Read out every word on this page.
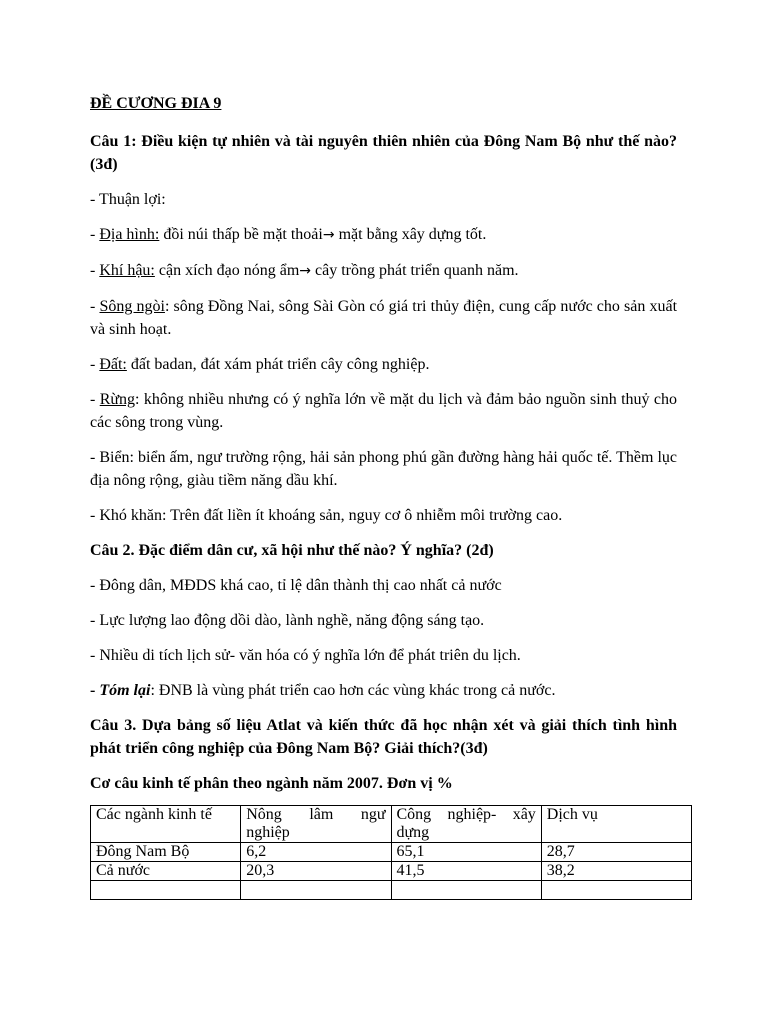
ĐỀ CƯƠNG ĐIA 9

Câu 1: Điều kiện tự nhiên và tài nguyên thiên nhiên của Đông Nam Bộ như thế nào? (3đ)

- Thuận lợi:

- Địa hình: đồi núi thấp bề mặt thoải→ mặt bằng xây dựng tốt.

- Khí hậu: cận xích đạo nóng ẩm→ cây trồng phát triển quanh năm.

- Sông ngòi: sông Đồng Nai, sông Sài Gòn có giá tri thủy điện, cung cấp nước cho sản xuất và sinh hoạt.

- Đất: đất badan, đát xám phát triển cây công nghiệp.

- Rừng: không nhiều nhưng có ý nghĩa lớn về mặt du lịch và đảm bảo nguồn sinh thuỷ cho các sông trong vùng.

- Biển: biển ấm, ngư trường rộng, hải sản phong phú gần đường hàng hải quốc tế. Thềm lục địa nông rộng, giàu tiềm năng dầu khí.

- Khó khăn: Trên đất liền ít khoáng sản, nguy cơ ô nhiễm môi trường cao.

Câu 2. Đặc điểm dân cư, xã hội như thế nào? Ý nghĩa? (2đ)

- Đông dân, MĐDS khá cao, tỉ lệ dân thành thị cao nhất cả nước

- Lực lượng lao động dồi dào, lành nghề, năng động sáng tạo.

- Nhiều di tích lịch sử- văn hóa có ý nghĩa lớn để phát triên du lịch.

- Tóm lại: ĐNB là vùng phát triển cao hơn các vùng khác trong cả nước.

Câu 3. Dựa bảng số liệu Atlat và kiến thức đã học nhận xét và giải thích tình hình phát triển công nghiệp của Đông Nam Bộ? Giải thích?(3đ)

Cơ câu kinh tế phân theo ngành năm 2007. Đơn vị %

Các ngành kinh tế	Nông lâm ngư nghiệp	Công nghiệp- xây dựng	Dịch vụ
Đông Nam Bộ	6,2	65,1	28,7
Cả nước	20,3	41,5	38,2
